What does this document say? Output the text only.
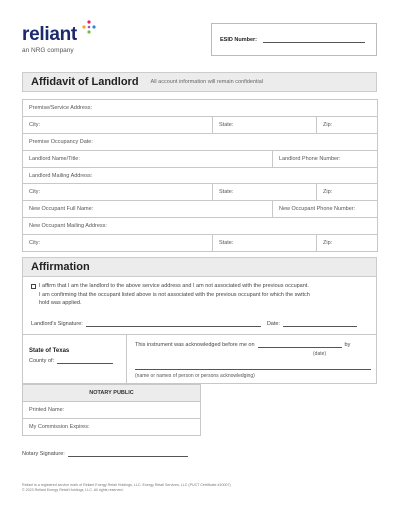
reliant
an NRG company
ESID Number:
Affidavit of Landlord All account information will remain confidential
Premise/Service Address:			
City:	State:		Zip:
Premise Occupancy Date:			
Landlord Name/Title:		Landlord Phone Number:	
Landlord Mailing Address:			
City:	State:		Zip:
New Occupant Full Name:		New Occupant Phone Number:	
New Occupant Mailing Address:			
City:	State:		Zip:
Affirmation
I affirm that I am the landlord to the above service address and I am not associated with the previous occupant.
I am confirming that the occupant listed above is not associated with the previous occupant for which the switch
hold was applied.
Landlord's Signature:	Date:
State of Texas
County of:
This instrument was acknowledged before me on	by
(date)
(name or names of person or persons acknowledging)
NOTARY PUBLIC
Printed Name:
My Commission Expires:
Notary Signature:
Reliant is a registered service mark of Reliant Energy Retail Holdings, LLC. Energy Retail Services, LLC (PUCT Certificate #10007)
© 2023 Reliant Energy Retail Holdings, LLC. All rights reserved.
